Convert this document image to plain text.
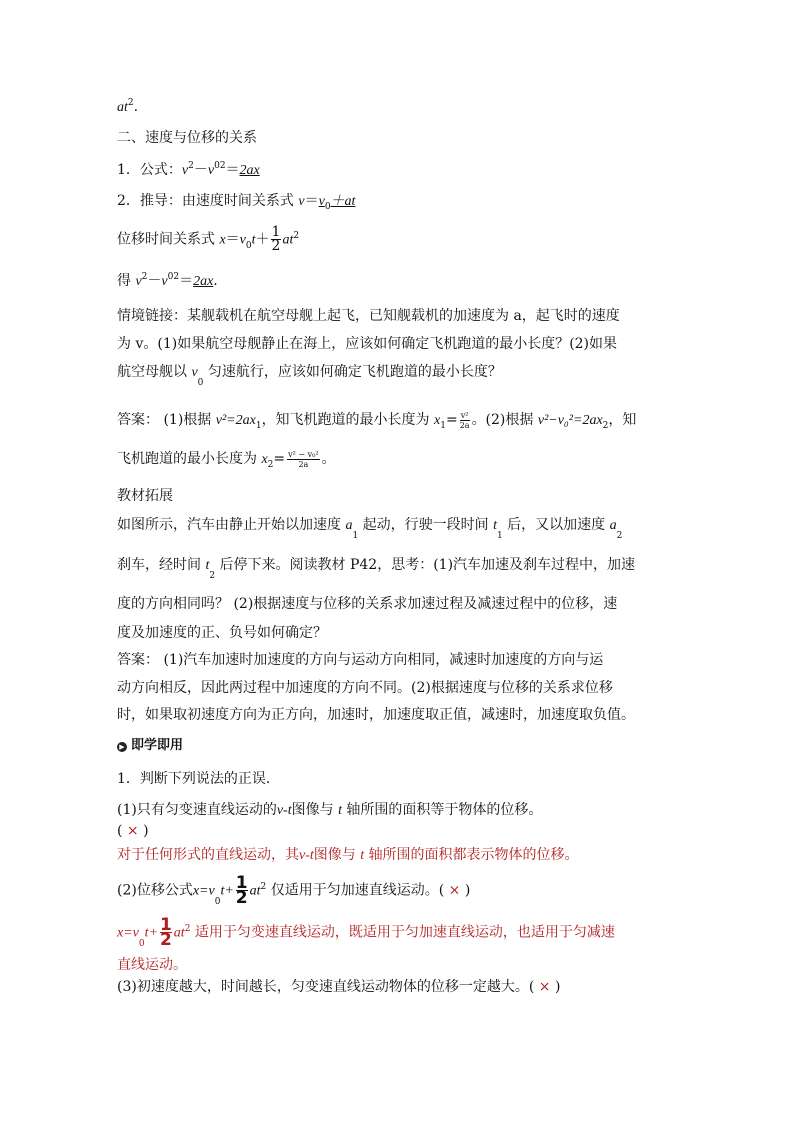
$at^2$.
二、速度与位移的关系
1．公式：$v^2-v^{02}=2ax$
2．推导：由速度时间关系式 $v=v_0+at$
位移时间关系式 $x=v_0t+ \frac{1}{2} at^2$
得 $v^2-v^{02}=2ax$.
情境链接：某舰载机在航空母舰上起飞，已知舰载机的加速度为 a，起飞时的速度
为 v。(1)如果航空母舰静止在海上，应该如何确定飞机跑道的最小长度？(2)如果
航空母舰以 $v_0$ 匀速航行，应该如何确定飞机跑道的最小长度？
答案： (1)根据 $v^2=2ax_1$，知飞机跑道的最小长度为 $x_1= \frac{\text{v²}}{2a}$ 。(2)根据 $v^2-v_0^2=2ax_2$，知
飞机跑道的最小长度为 $x_2= \frac{\text{v² − v₀²}}{2a}$ 。
教材拓展
如图所示，汽车由静止开始以加速度 $a_1$ 起动，行驶一段时间 $t_1$ 后，又以加速度 $a_2$
刹车，经时间 $t_2$ 后停下来。阅读教材 P42，思考：(1)汽车加速及刹车过程中，加速
度的方向相同吗？ (2)根据速度与位移的关系求加速过程及减速过程中的位移，速
度及加速度的正、负号如何确定？
答案： (1)汽车加速时加速度的方向与运动方向相同，减速时加速度的方向与运
动方向相反，因此两过程中加速度的方向不同。(2)根据速度与位移的关系求位移
时，如果取初速度方向为正方向，加速时，加速度取正值，减速时，加速度取负值。
▶ 即学即用
1．判断下列说法的正误．
(1)只有匀变速直线运动的v-t图像与 t 轴所围的面积等于物体的位移。
( × )
对于任何形式的直线运动，其v-t图像与 t 轴所围的面积都表示物体的位移。
(2)位移公式$x=v_0t+ \frac{1}{2} at^2$ 仅适用于匀加速直线运动。( × )
$x=v_0t+ \frac{1}{2} at^2$ 适用于匀变速直线运动，既适用于匀加速直线运动，也适用于匀减速
直线运动。
(3)初速度越大，时间越长，匀变速直线运动物体的位移一定越大。( × )
